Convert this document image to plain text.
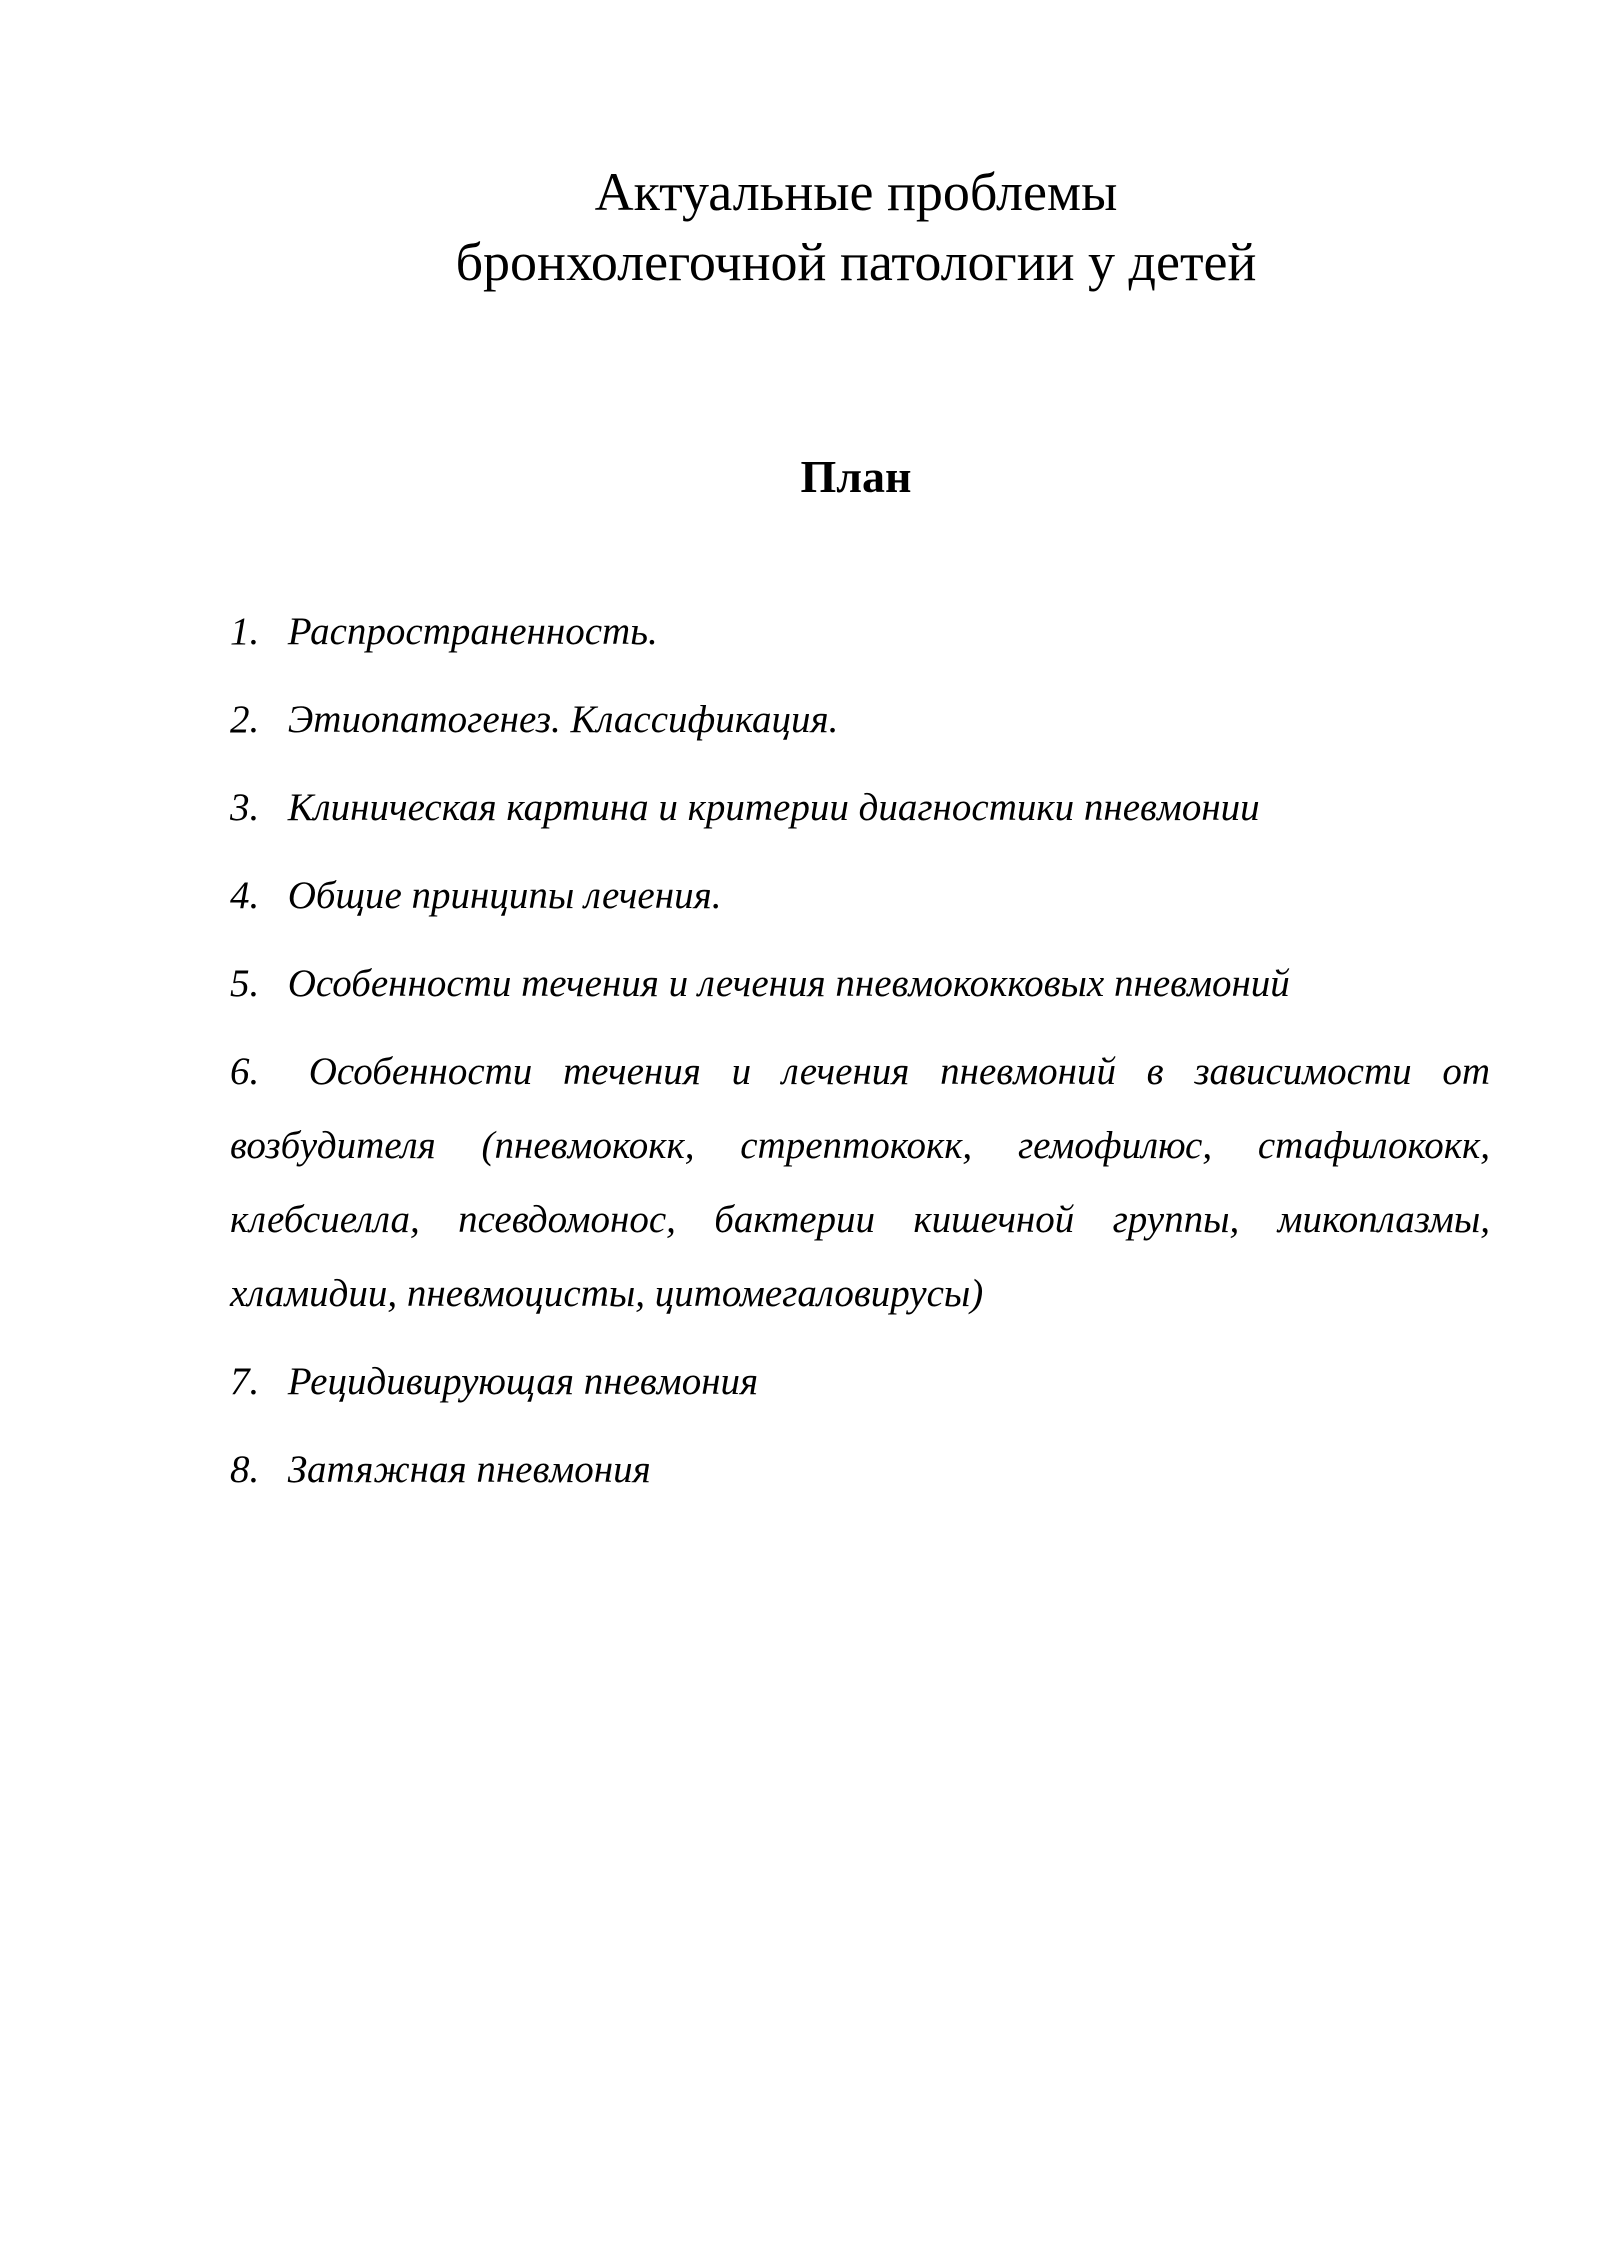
Актуальные проблемы
бронхолегочной патологии у детей
План
1. Распространенность.
2. Этиопатогенез. Классификация.
3. Клиническая картина и критерии диагностики пневмонии
4. Общие принципы лечения.
5. Особенности течения и лечения пневмококковых пневмоний
6. Особенности течения и лечения пневмоний в зависимости от возбудителя (пневмококк, стрептококк, гемофилюс, стафилококк, клебсиелла, псевдомонос, бактерии кишечной группы, микоплазмы, хламидии, пневмоцисты, цитомегаловирусы)
7. Рецидивирующая пневмония
8. Затяжная пневмония
